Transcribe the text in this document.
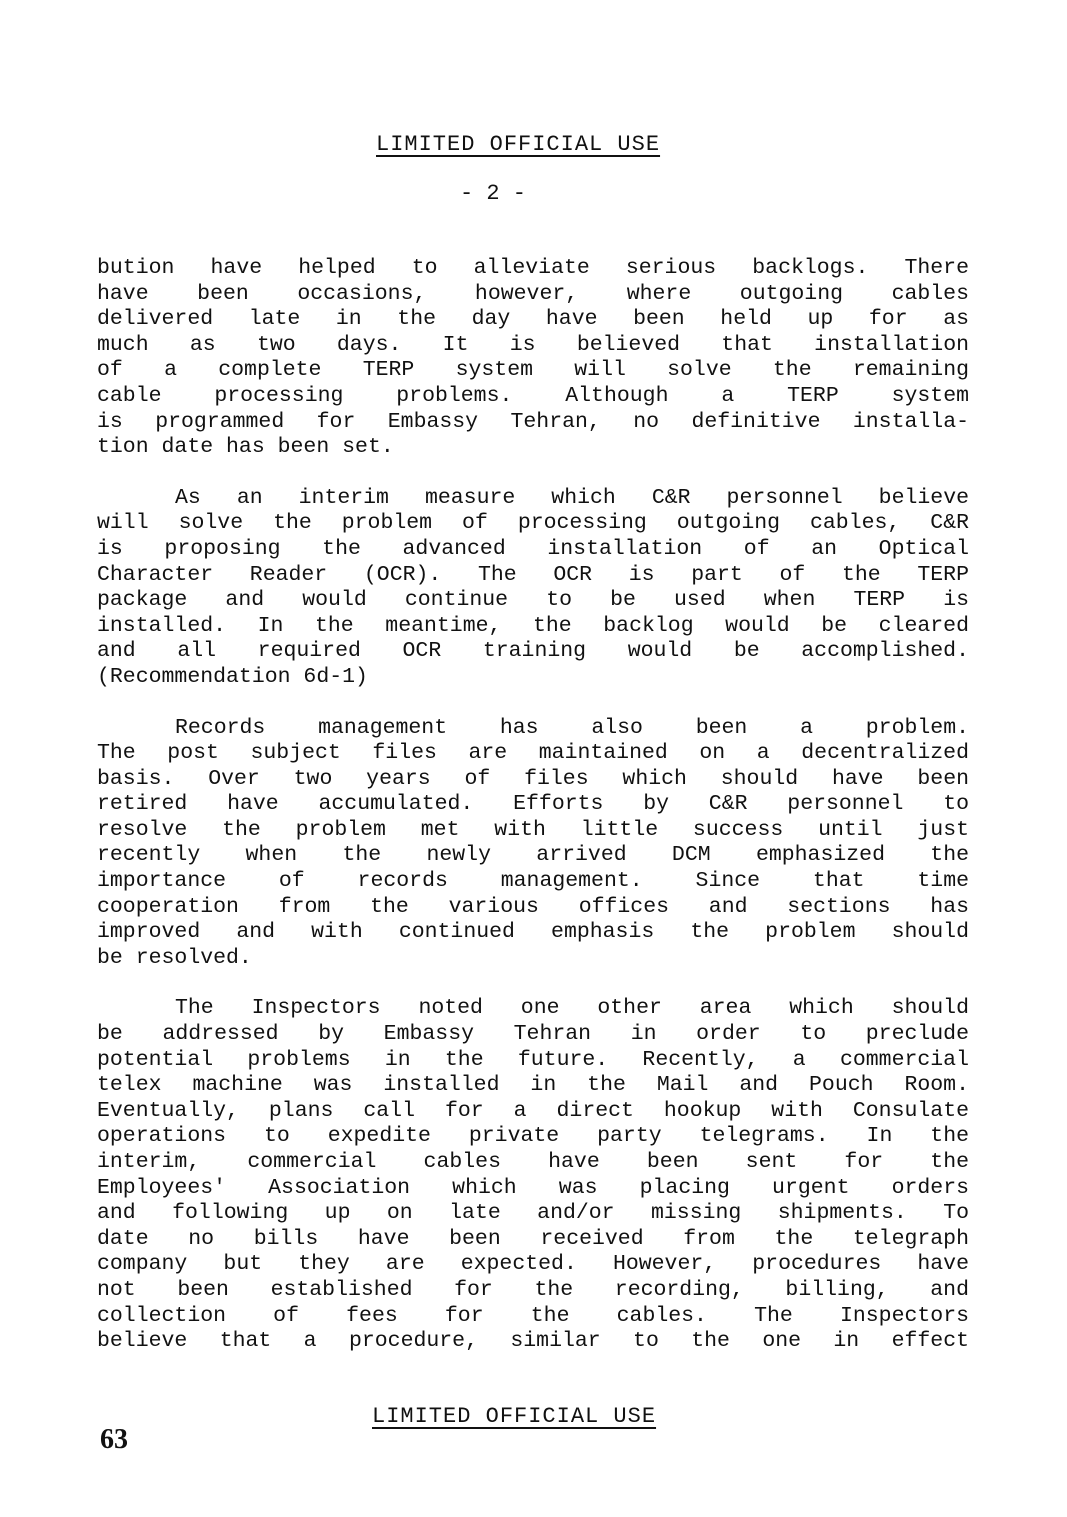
LIMITED OFFICIAL USE
- 2 -
bution have helped to alleviate serious backlogs. There
have been occasions, however, where outgoing cables
delivered late in the day have been held up for as
much as two days. It is believed that installation
of a complete TERP system will solve the remaining
cable processing problems. Although a TERP system
is programmed for Embassy Tehran, no definitive installa-
tion date has been set.
As an interim measure which C&R personnel believe
will solve the problem of processing outgoing cables, C&R
is proposing the advanced installation of an Optical
Character Reader (OCR). The OCR is part of the TERP
package and would continue to be used when TERP is
installed. In the meantime, the backlog would be cleared
and all required OCR training would be accomplished.
(Recommendation 6d-1)
Records management has also been a problem.
The post subject files are maintained on a decentralized
basis. Over two years of files which should have been
retired have accumulated. Efforts by C&R personnel to
resolve the problem met with little success until just
recently when the newly arrived DCM emphasized the
importance of records management. Since that time
cooperation from the various offices and sections has
improved and with continued emphasis the problem should
be resolved.
The Inspectors noted one other area which should
be addressed by Embassy Tehran in order to preclude
potential problems in the future. Recently, a commercial
telex machine was installed in the Mail and Pouch Room.
Eventually, plans call for a direct hookup with Consulate
operations to expedite private party telegrams. In the
interim, commercial cables have been sent for the
Employees' Association which was placing urgent orders
and following up on late and/or missing shipments. To
date no bills have been received from the telegraph
company but they are expected. However, procedures have
not been established for the recording, billing, and
collection of fees for the cables. The Inspectors
believe that a procedure, similar to the one in effect
LIMITED OFFICIAL USE
63
